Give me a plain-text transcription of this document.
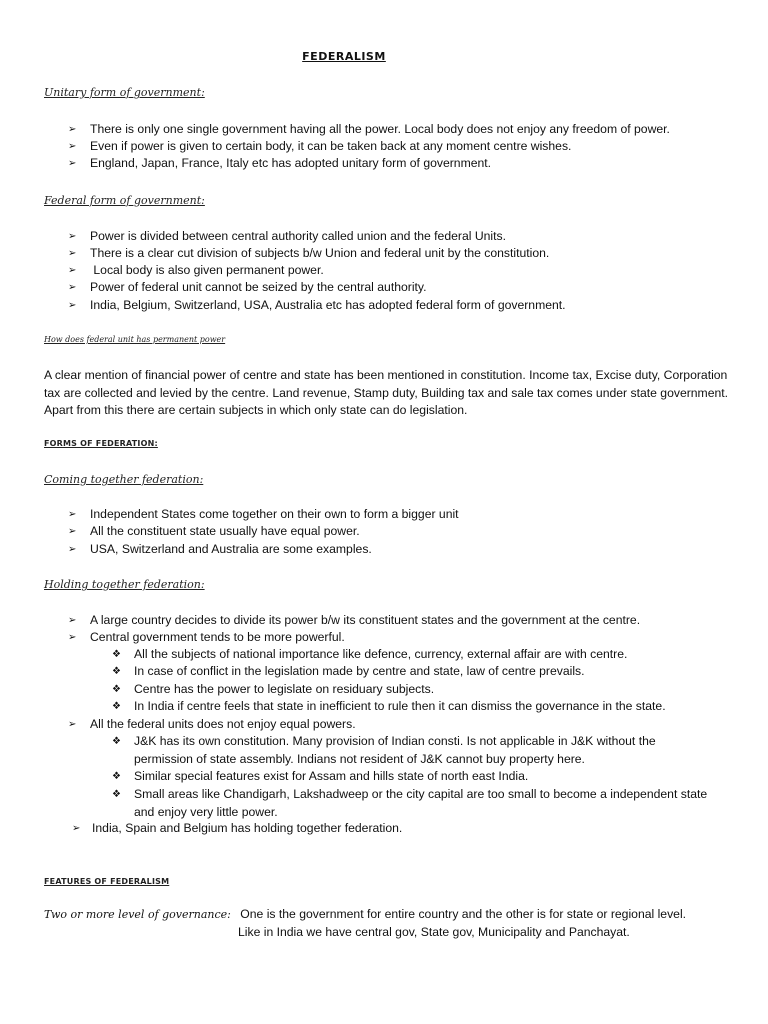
FEDERALISM
Unitary form of government:
➢ There is only one single government having all the power. Local body does not enjoy any freedom of power.
➢ Even if power is given to certain body, it can be taken back at any moment centre wishes.
➢ England, Japan, France, Italy etc has adopted unitary form of government.
Federal form of government:
➢ Power is divided between central authority called union and the federal Units.
➢ There is a clear cut division of subjects b/w Union and federal unit by the constitution.
➢ Local body is also given permanent power.
➢ Power of federal unit cannot be seized by the central authority.
➢ India, Belgium, Switzerland, USA, Australia etc has adopted federal form of government.
How does federal unit has permanent power
A clear mention of financial power of centre and state has been mentioned in constitution. Income tax, Excise duty, Corporation tax are collected and levied by the centre. Land revenue, Stamp duty, Building tax and sale tax comes under state government. Apart from this there are certain subjects in which only state can do legislation.
FORMS OF FEDERATION:
Coming together federation:
➢ Independent States come together on their own to form a bigger unit
➢ All the constituent state usually have equal power.
➢ USA, Switzerland and Australia are some examples.
Holding together federation:
➢ A large country decides to divide its power b/w its constituent states and the government at the centre.
➢ Central government tends to be more powerful.
❖ All the subjects of national importance like defence, currency, external affair are with centre.
❖ In case of conflict in the legislation made by centre and state, law of centre prevails.
❖ Centre has the power to legislate on residuary subjects.
❖ In India if centre feels that state in inefficient to rule then it can dismiss the governance in the state.
➢ All the federal units does not enjoy equal powers.
❖ J&K has its own constitution. Many provision of Indian consti. Is not applicable in J&K without the permission of state assembly. Indians not resident of J&K cannot buy property here.
❖ Similar special features exist for Assam and hills state of north east India.
❖ Small areas like Chandigarh, Lakshadweep or the city capital are too small to become a independent state and enjoy very little power.
➢ India, Spain and Belgium has holding together federation.
FEATURES OF FEDERALISM
Two or more level of governance: One is the government for entire country and the other is for state or regional level.
Like in India we have central gov, State gov, Municipality and Panchayat.
